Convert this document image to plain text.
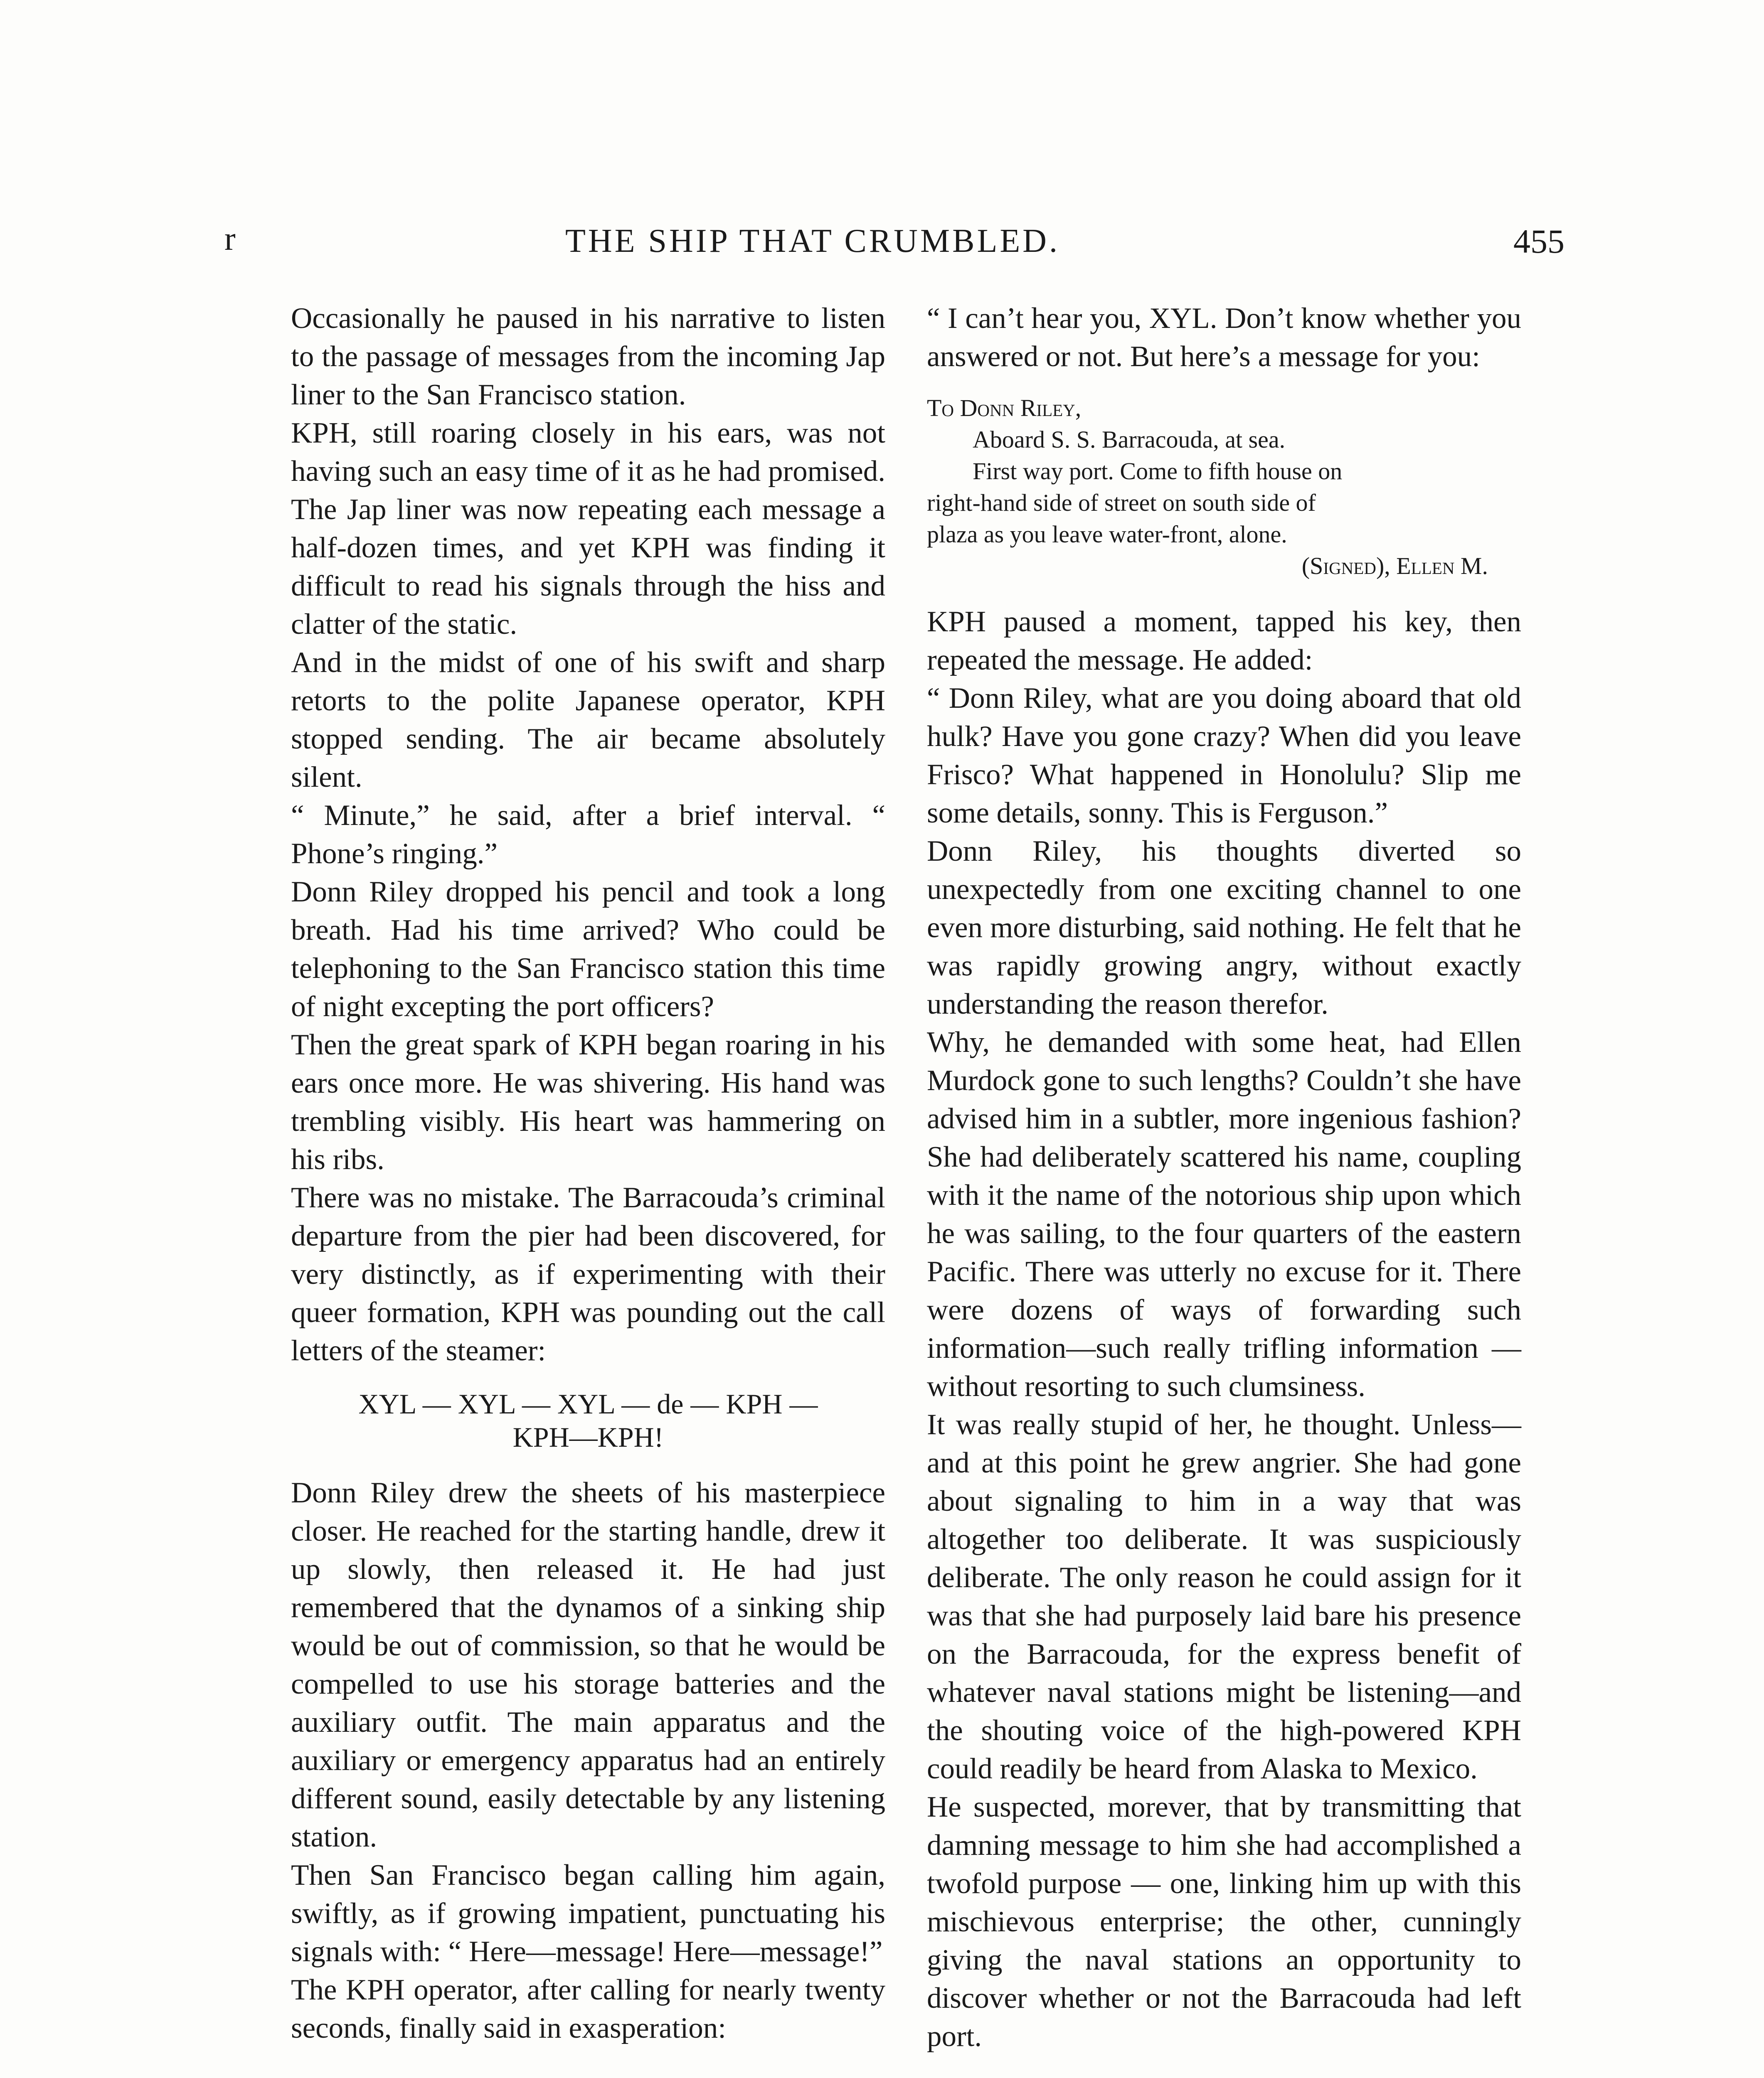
r	THE SHIP THAT CRUMBLED.	455

Occasionally he paused in his narrative to listen to the passage of messages from the incoming Jap liner to the San Francisco station.

KPH, still roaring closely in his ears, was not having such an easy time of it as he had promised. The Jap liner was now repeating each message a half-dozen times, and yet KPH was finding it difficult to read his signals through the hiss and clatter of the static.

And in the midst of one of his swift and sharp retorts to the polite Japanese operator, KPH stopped sending. The air became absolutely silent.

“ Minute,” he said, after a brief interval. “ Phone’s ringing.”

Donn Riley dropped his pencil and took a long breath. Had his time arrived? Who could be telephoning to the San Francisco station this time of night excepting the port officers?

Then the great spark of KPH began roaring in his ears once more. He was shivering. His hand was trembling visibly. His heart was hammering on his ribs.

There was no mistake. The Barracouda’s criminal departure from the pier had been discovered, for very distinctly, as if experimenting with their queer formation, KPH was pounding out the call letters of the steamer:

XYL — XYL — XYL — de — KPH —
KPH—KPH!

Donn Riley drew the sheets of his masterpiece closer. He reached for the starting handle, drew it up slowly, then released it. He had just remembered that the dynamos of a sinking ship would be out of commission, so that he would be compelled to use his storage batteries and the auxiliary outfit. The main apparatus and the auxiliary or emergency apparatus had an entirely different sound, easily detectable by any listening station.

Then San Francisco began calling him again, swiftly, as if growing impatient, punctuating his signals with: “ Here—message! Here—message!”

The KPH operator, after calling for nearly twenty seconds, finally said in exasperation:

“ I can’t hear you, XYL. Don’t know whether you answered or not. But here’s a message for you:

To Donn Riley,
Aboard S. S. Barracouda, at sea.
First way port. Come to fifth house on
right-hand side of street on south side of
plaza as you leave water-front, alone.
(Signed), Ellen M.

KPH paused a moment, tapped his key, then repeated the message. He added:

“ Donn Riley, what are you doing aboard that old hulk? Have you gone crazy? When did you leave Frisco? What happened in Honolulu? Slip me some details, sonny. This is Ferguson.”

Donn Riley, his thoughts diverted so unexpectedly from one exciting channel to one even more disturbing, said nothing. He felt that he was rapidly growing angry, without exactly understanding the reason therefor.

Why, he demanded with some heat, had Ellen Murdock gone to such lengths? Couldn’t she have advised him in a subtler, more ingenious fashion? She had deliberately scattered his name, coupling with it the name of the notorious ship upon which he was sailing, to the four quarters of the eastern Pacific. There was utterly no excuse for it. There were dozens of ways of forwarding such information—such really trifling information — without resorting to such clumsiness.

It was really stupid of her, he thought. Unless—and at this point he grew angrier. She had gone about signaling to him in a way that was altogether too deliberate. It was suspiciously deliberate. The only reason he could assign for it was that she had purposely laid bare his presence on the Barracouda, for the express benefit of whatever naval stations might be listening—and the shouting voice of the high-powered KPH could readily be heard from Alaska to Mexico.

He suspected, morever, that by transmitting that damning message to him she had accomplished a twofold purpose — one, linking him up with this mischievous enterprise; the other, cunningly giving the naval stations an opportunity to discover whether or not the Barracouda had left port.
